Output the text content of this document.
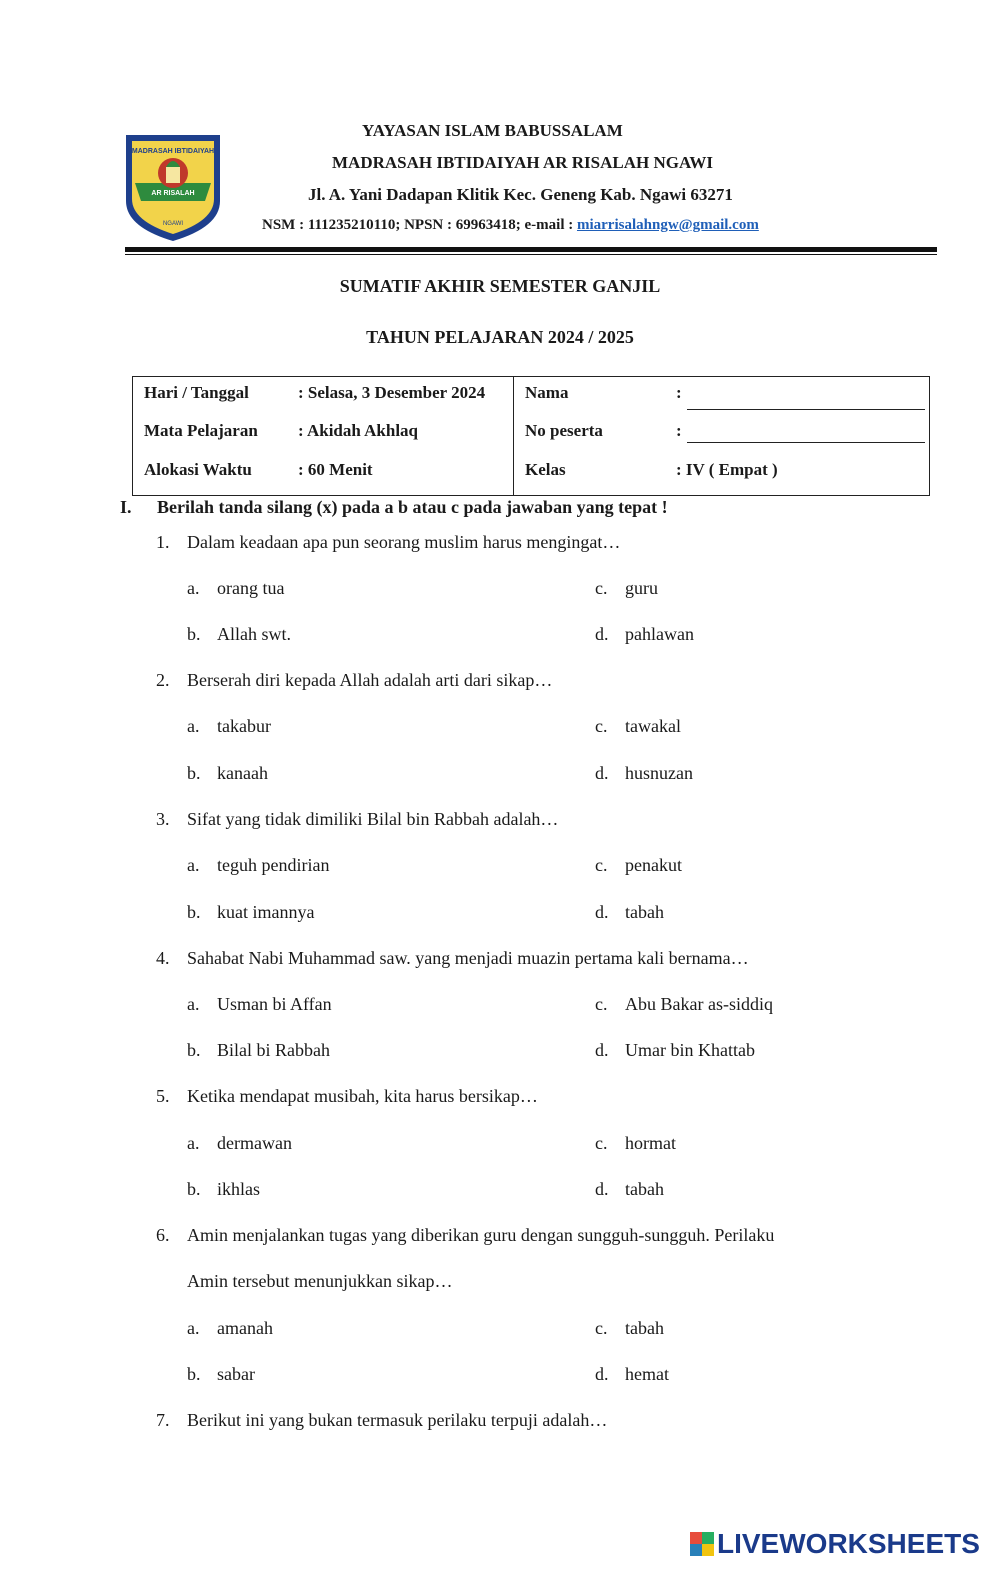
MADRASAH IBTIDAIYAH
AR RISALAH
NGAWI
YAYASAN ISLAM BABUSSALAM
MADRASAH IBTIDAIYAH AR RISALAH NGAWI
Jl. A. Yani Dadapan Klitik Kec. Geneng Kab. Ngawi 63271
NSM : 111235210110; NPSN : 69963418; e-mail : miarrisalahngw@gmail.com
SUMATIF AKHIR SEMESTER GANJIL
TAHUN PELAJARAN 2024 / 2025
Hari / Tanggal	: Selasa, 3 Desember 2024
Mata Pelajaran : Akidah Akhlaq
Alokasi Waktu	: 60 Menit
Nama	:
No peserta	:
Kelas	: IV ( Empat )
I. Berilah tanda silang (x) pada a b atau c pada jawaban yang tepat !
1. Dalam keadaan apa pun seorang muslim harus mengingat…
a. orang tua	c. guru
b. Allah swt.	d. pahlawan
2. Berserah diri kepada Allah adalah arti dari sikap…
a. takabur	c. tawakal
b. kanaah	d. husnuzan
3. Sifat yang tidak dimiliki Bilal bin Rabbah adalah…
a. teguh pendirian	c. penakut
b. kuat imannya	d. tabah
4. Sahabat Nabi Muhammad saw. yang menjadi muazin pertama kali bernama…
a. Usman bi Affan	c. Abu Bakar as-siddiq
b. Bilal bi Rabbah	d. Umar bin Khattab
5. Ketika mendapat musibah, kita harus bersikap…
a. dermawan	c. hormat
b. ikhlas	d. tabah
6. Amin menjalankan tugas yang diberikan guru dengan sungguh-sungguh. Perilaku
Amin tersebut menunjukkan sikap…
a. amanah	c. tabah
b. sabar	d. hemat
7. Berikut ini yang bukan termasuk perilaku terpuji adalah…
LIVEWORKSHEETS
